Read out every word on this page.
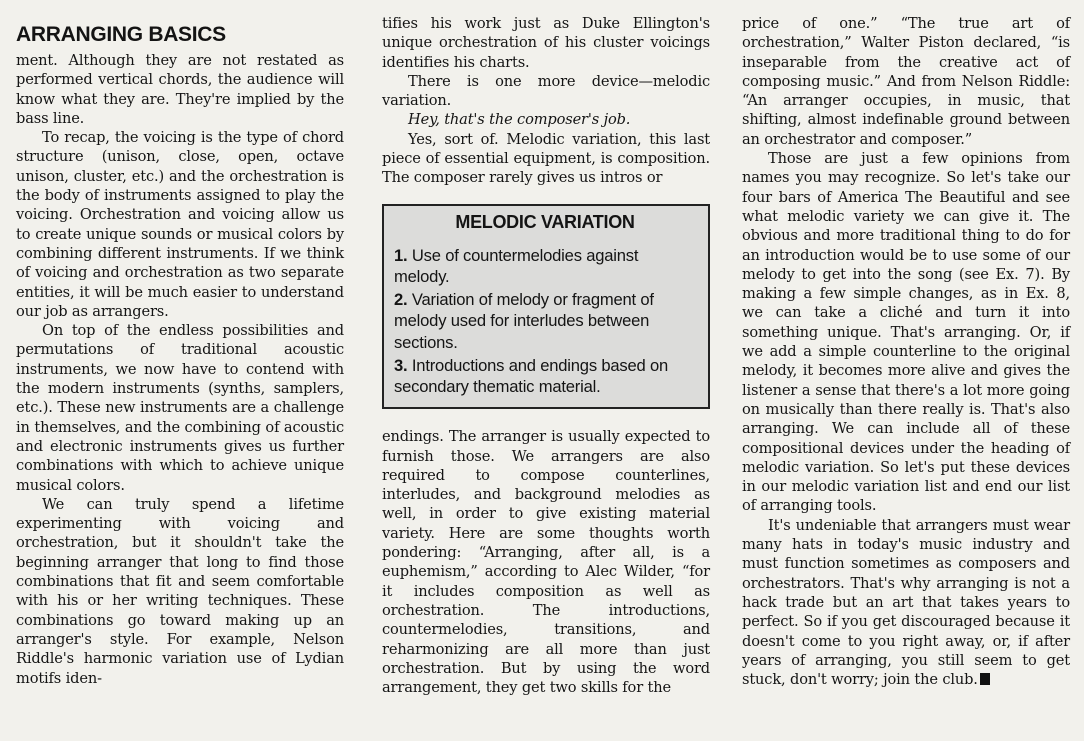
ARRANGING BASICS

ment. Although they are not restated as performed vertical chords, the audience will know what they are. They're implied by the bass line.

To recap, the voicing is the type of chord structure (unison, close, open, octave unison, cluster, etc.) and the orchestration is the body of instruments assigned to play the voicing. Orchestration and voicing allow us to create unique sounds or musical colors by combining different instruments. If we think of voicing and orchestration as two separate entities, it will be much easier to understand our job as arrangers.

On top of the endless possibilities and permutations of traditional acoustic instruments, we now have to contend with the modern instruments (synths, samplers, etc.). These new instruments are a challenge in themselves, and the combining of acoustic and electronic instruments gives us further combinations with which to achieve unique musical colors.

We can truly spend a lifetime experimenting with voicing and orchestration, but it shouldn't take the beginning arranger that long to find those combinations that fit and seem comfortable with his or her writing techniques. These combinations go toward making up an arranger's style. For example, Nelson Riddle's harmonic variation use of Lydian motifs iden-

tifies his work just as Duke Ellington's unique orchestration of his cluster voicings identifies his charts.

There is one more device—melodic variation.

Hey, that's the composer's job.

Yes, sort of. Melodic variation, this last piece of essential equipment, is composition. The composer rarely gives us intros or

MELODIC VARIATION
1. Use of countermelodies against melody.
2. Variation of melody or fragment of melody used for interludes between sections.
3. Introductions and endings based on secondary thematic material.

endings. The arranger is usually expected to furnish those. We arrangers are also required to compose counterlines, interludes, and background melodies as well, in order to give existing material variety. Here are some thoughts worth pondering: “Arranging, after all, is a euphemism,” according to Alec Wilder, “for it includes composition as well as orchestration. The introductions, countermelodies, transitions, and reharmonizing are all more than just orchestration. But by using the word arrangement, they get two skills for the

price of one.” “The true art of orchestration,” Walter Piston declared, “is inseparable from the creative act of composing music.” And from Nelson Riddle: “An arranger occupies, in music, that shifting, almost indefinable ground between an orchestrator and composer.”

Those are just a few opinions from names you may recognize. So let's take our four bars of America The Beautiful and see what melodic variety we can give it. The obvious and more traditional thing to do for an introduction would be to use some of our melody to get into the song (see Ex. 7). By making a few simple changes, as in Ex. 8, we can take a cliché and turn it into something unique. That's arranging. Or, if we add a simple counterline to the original melody, it becomes more alive and gives the listener a sense that there's a lot more going on musically than there really is. That's also arranging. We can include all of these compositional devices under the heading of melodic variation. So let's put these devices in our melodic variation list and end our list of arranging tools.

It's undeniable that arrangers must wear many hats in today's music industry and must function sometimes as composers and orchestrators. That's why arranging is not a hack trade but an art that takes years to perfect. So if you get discouraged because it doesn't come to you right away, or, if after years of arranging, you still seem to get stuck, don't worry; join the club.
